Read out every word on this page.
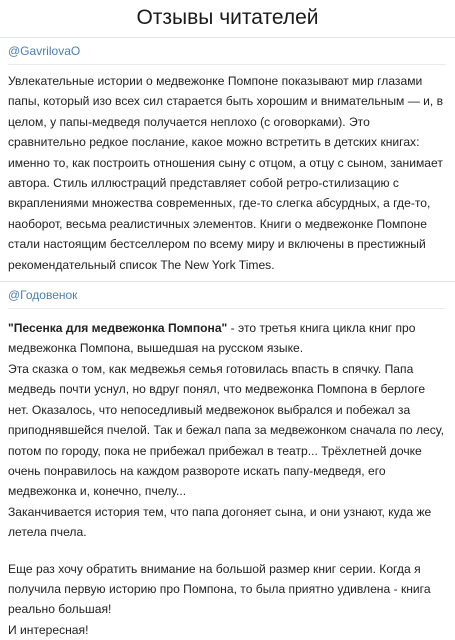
Отзывы читателей
@GavrilovaO

Увлекательные истории о медвежонке Помпоне показывают мир глазами папы, который изо всех сил старается быть хорошим и внимательным — и, в целом, у папы-медведя получается неплохо (с оговорками). Это сравнительно редкое послание, какое можно встретить в детских книгах: именно то, как построить отношения сыну с отцом, а отцу с сыном, занимает автора. Стиль иллюстраций представляет собой ретро-стилизацию с вкраплениями множества современных, где-то слегка абсурдных, а где-то, наоборот, весьма реалистичных элементов. Книги о медвежонке Помпоне стали настоящим бестселлером по всему миру и включены в престижный рекомендательный список The New York Times.

@Годовенок

"Песенка для медвежонка Помпона" - это третья книга цикла книг про медвежонка Помпона, вышедшая на русском языке.

Эта сказка о том, как медвежья семья готовилась впасть в спячку. Папа медведь почти уснул, но вдруг понял, что медвежонка Помпона в берлоге нет. Оказалось, что непоседливый медвежонок выбрался и побежал за приподнявшейся пчелой. Так и бежал папа за медвежонком сначала по лесу, потом по городу, пока не прибежал прибежал в театр... Трёхлетней дочке очень понравилось на каждом развороте искать папу-медведя, его медвежонка и, конечно, пчелу...

Заканчивается история тем, что папа догоняет сына, и они узнают, куда же летела пчела.

Еще раз хочу обратить внимание на большой размер книг серии. Когда я получила первую историю про Помпона, то была приятно удивлена - книга реально большая!

И интересная!
